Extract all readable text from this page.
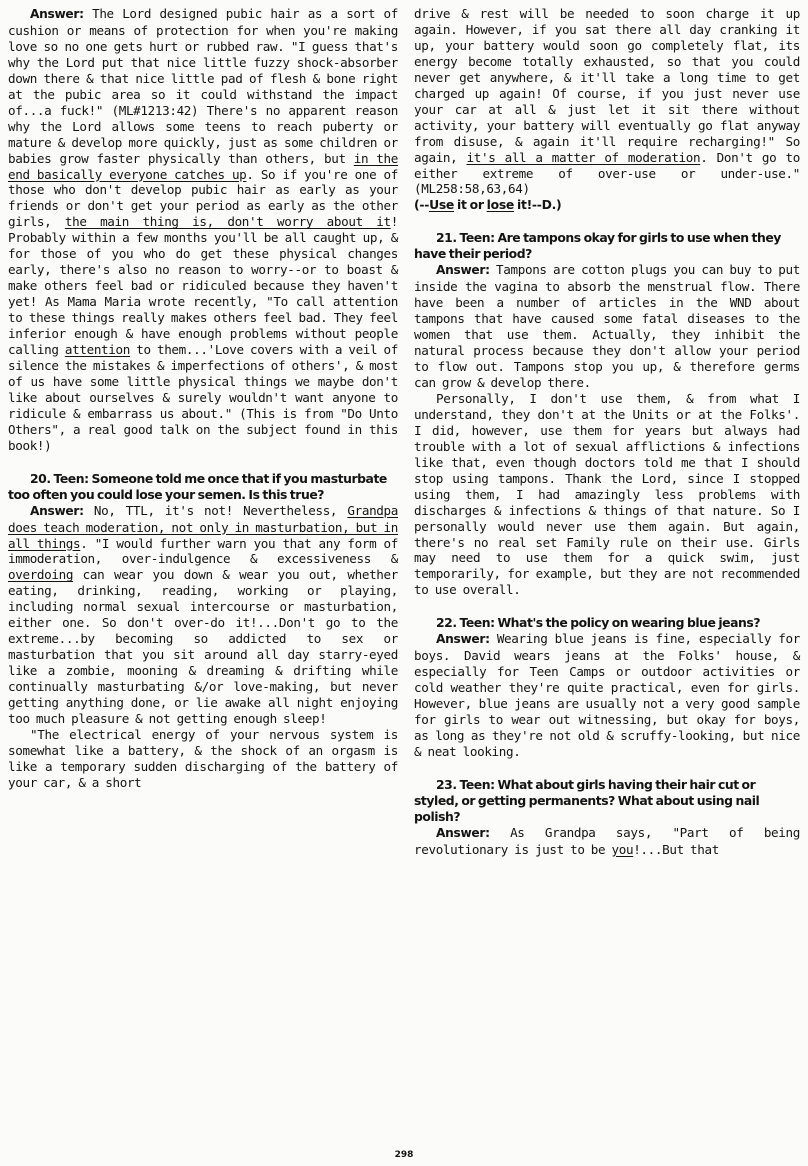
Answer: The Lord designed pubic hair as a sort of cushion or means of protection for when you're making love so no one gets hurt or rubbed raw. "I guess that's why the Lord put that nice little fuzzy shock-absorber down there & that nice little pad of flesh & bone right at the pubic area so it could withstand the impact of...a fuck!" (ML#1213:42) There's no apparent reason why the Lord allows some teens to reach puberty or mature & develop more quickly, just as some children or babies grow faster physically than others, but in the end basically everyone catches up. So if you're one of those who don't develop pubic hair as early as your friends or don't get your period as early as the other girls, the main thing is, don't worry about it! Probably within a few months you'll be all caught up, & for those of you who do get these physical changes early, there's also no reason to worry--or to boast & make others feel bad or ridiculed because they haven't yet! As Mama Maria wrote recently, "To call attention to these things really makes others feel bad. They feel inferior enough & have enough problems without people calling attention to them...'Love covers with a veil of silence the mistakes & imperfections of others', & most of us have some little physical things we maybe don't like about ourselves & surely wouldn't want anyone to ridicule & embarrass us about." (This is from "Do Unto Others", a real good talk on the subject found in this book!)

20. Teen: Someone told me once that if you masturbate too often you could lose your semen. Is this true?

Answer: No, TTL, it's not! Nevertheless, Grandpa does teach moderation, not only in masturbation, but in all things. "I would further warn you that any form of immoderation, over-indulgence & excessiveness & overdoing can wear you down & wear you out, whether eating, drinking, reading, working or playing, including normal sexual intercourse or masturbation, either one. So don't over-do it!...Don't go to the extreme...by becoming so addicted to sex or masturbation that you sit around all day starry-eyed like a zombie, mooning & dreaming & drifting while continually masturbating &/or love-making, but never getting anything done, or lie awake all night enjoying too much pleasure & not getting enough sleep!

"The electrical energy of your nervous system is somewhat like a battery, & the shock of an orgasm is like a temporary sudden discharging of the battery of your car, & a short

drive & rest will be needed to soon charge it up again. However, if you sat there all day cranking it up, your battery would soon go completely flat, its energy become totally exhausted, so that you could never get anywhere, & it'll take a long time to get charged up again! Of course, if you just never use your car at all & just let it sit there without activity, your battery will eventually go flat anyway from disuse, & again it'll require recharging!" So again, it's all a matter of moderation. Don't go to either extreme of over-use or under-use." (ML258:58,63,64)

(--Use it or lose it!--D.)

21. Teen: Are tampons okay for girls to use when they have their period?

Answer: Tampons are cotton plugs you can buy to put inside the vagina to absorb the menstrual flow. There have been a number of articles in the WND about tampons that have caused some fatal diseases to the women that use them. Actually, they inhibit the natural process because they don't allow your period to flow out. Tampons stop you up, & therefore germs can grow & develop there.

Personally, I don't use them, & from what I understand, they don't at the Units or at the Folks'. I did, however, use them for years but always had trouble with a lot of sexual afflictions & infections like that, even though doctors told me that I should stop using tampons. Thank the Lord, since I stopped using them, I had amazingly less problems with discharges & infections & things of that nature. So I personally would never use them again. But again, there's no real set Family rule on their use. Girls may need to use them for a quick swim, just temporarily, for example, but they are not recommended to use overall.

22. Teen: What's the policy on wearing blue jeans?

Answer: Wearing blue jeans is fine, especially for boys. David wears jeans at the Folks' house, & especially for Teen Camps or outdoor activities or cold weather they're quite practical, even for girls. However, blue jeans are usually not a very good sample for girls to wear out witnessing, but okay for boys, as long as they're not old & scruffy-looking, but nice & neat looking.

23. Teen: What about girls having their hair cut or styled, or getting permanents? What about using nail polish?

Answer: As Grandpa says, "Part of being revolutionary is just to be you!...But that

298
